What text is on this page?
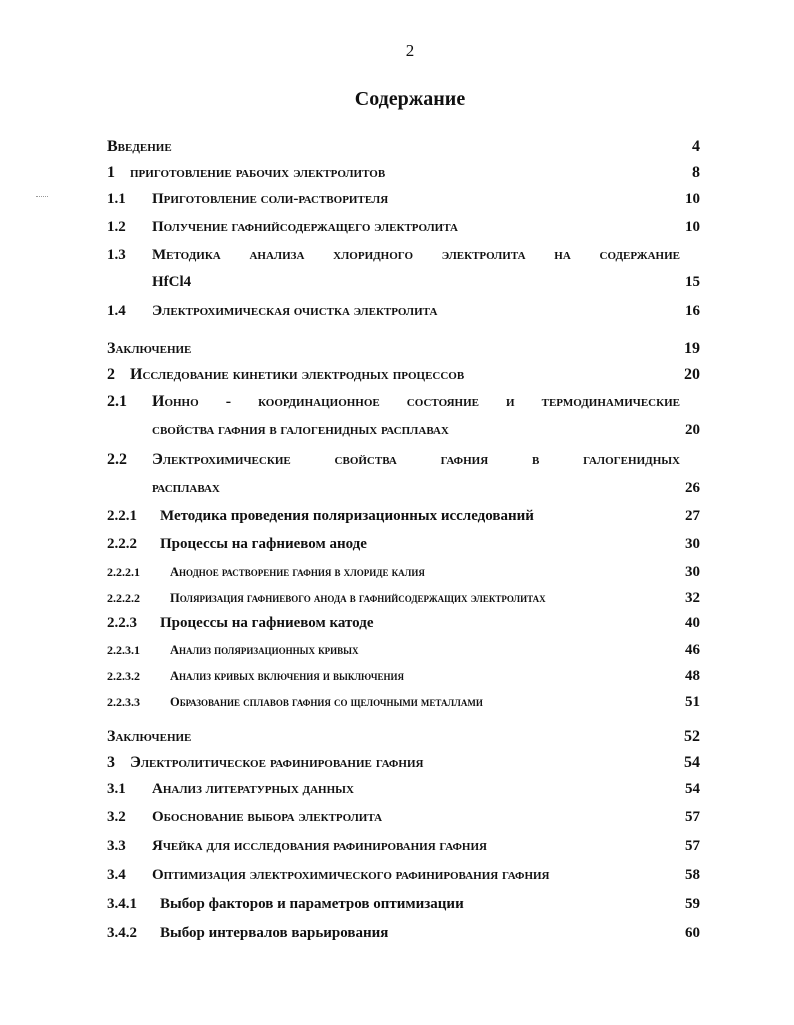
2
Содержание
Введение	4
1 приготовление рабочих электролитов	8
1.1 Приготовление соли-растворителя	10
1.2 Получение гафнийсодержащего электролита	10
1.3 Методика анализа хлоридного электролита на содержание
HfCl4	15
1.4 Электрохимическая очистка электролита	16
Заключение	19
2 Исследование кинетики электродных процессов	20
2.1 Ионно - координационное состояние и термодинамические
свойства гафния в галогенидных расплавах	20
2.2 Электрохимические свойства гафния в галогенидных
расплавах	26
2.2.1 Методика проведения поляризационных исследований	27
2.2.2 Процессы на гафниевом аноде	30
2.2.2.1 Анодное растворение гафния в хлориде калия	30
2.2.2.2 Поляризация гафниевого анода в гафнийсодержащих электролитах	32
2.2.3 Процессы на гафниевом катоде	40
2.2.3.1 Анализ поляризационных кривых	46
2.2.3.2 Анализ кривых включения и выключения	48
2.2.3.3 Образование сплавов гафния со щелочными металлами	51
Заключение	52
3 Электролитическое рафинирование гафния	54
3.1 Анализ литературных данных	54
3.2 Обоснование выбора электролита	57
3.3 Ячейка для исследования рафинирования гафния	57
3.4 Оптимизация электрохимического рафинирования гафния	58
3.4.1 Выбор факторов и параметров оптимизации	59
3.4.2 Выбор интервалов варьирования	60
